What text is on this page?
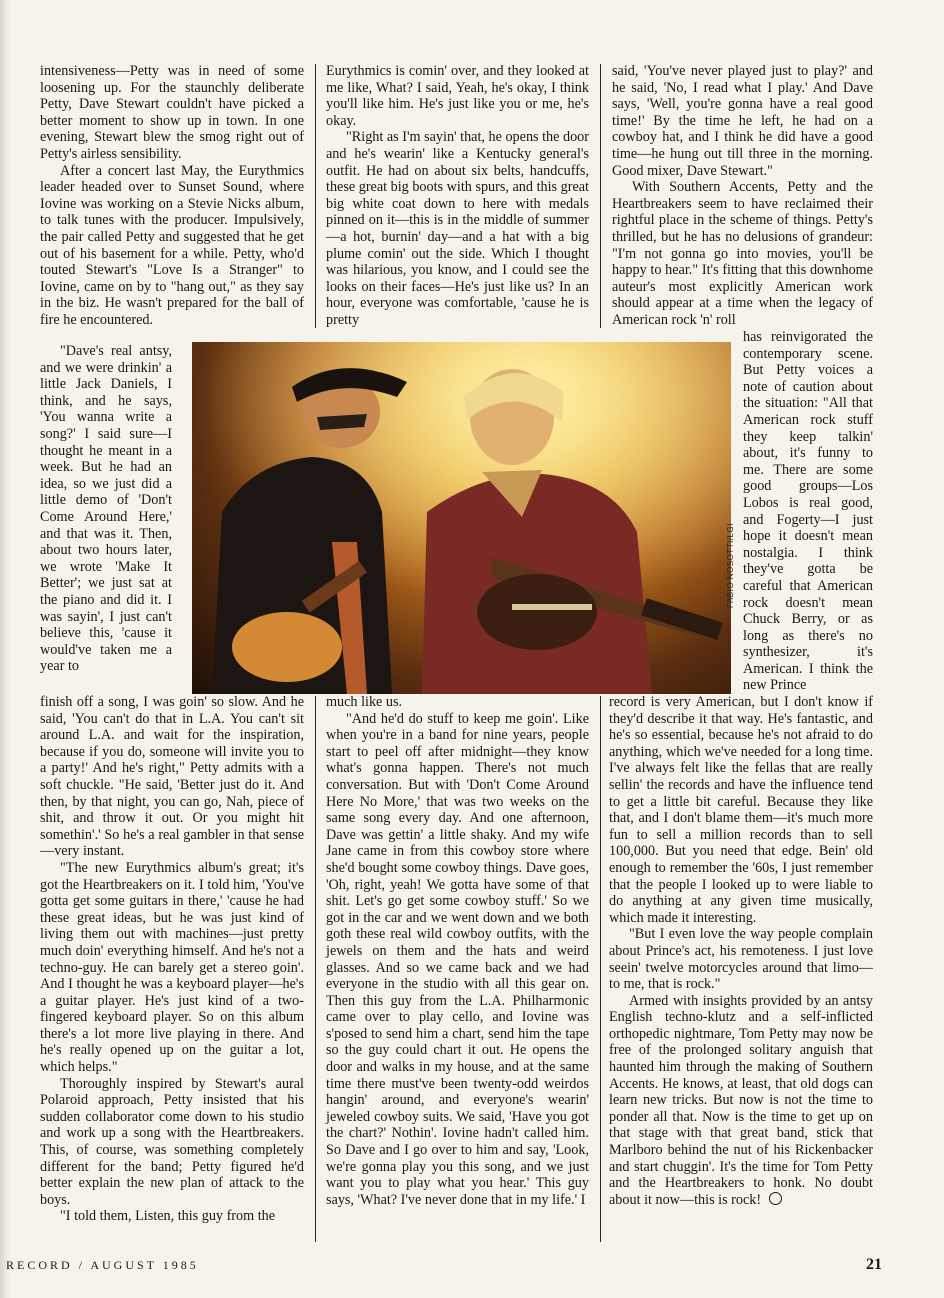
intensiveness—Petty was in need of some loosening up. For the staunchly deliberate Petty, Dave Stewart couldn't have picked a better moment to show up in town. In one evening, Stewart blew the smog right out of Petty's airless sensibility.

After a concert last May, the Eurythmics leader headed over to Sunset Sound, where Iovine was working on a Stevie Nicks album, to talk tunes with the producer. Impulsively, the pair called Petty and suggested that he get out of his basement for a while. Petty, who'd touted Stewart's "Love Is a Stranger" to Iovine, came on by to "hang out," as they say in the biz. He wasn't prepared for the ball of fire he encountered.

"Dave's real antsy, and we were drinkin' a little Jack Daniels, I think, and he says, 'You wanna write a song?' I said sure—I thought he meant in a week. But he had an idea, so we just did a little demo of 'Don't Come Around Here,' and that was it. Then, about two hours later, we wrote 'Make It Better'; we just sat at the piano and did it. I was sayin', I just can't believe this, 'cause it would've taken me a year to

finish off a song, I was goin' so slow. And he said, 'You can't do that in L.A. You can't sit around L.A. and wait for the inspiration, because if you do, someone will invite you to a party!' And he's right," Petty admits with a soft chuckle. "He said, 'Better just do it. And then, by that night, you can go, Nah, piece of shit, and throw it out. Or you might hit somethin'.' So he's a real gambler in that sense—very instant.

"The new Eurythmics album's great; it's got the Heartbreakers on it. I told him, 'You've gotta get some guitars in there,' 'cause he had these great ideas, but he was just kind of living them out with machines—just pretty much doin' everything himself. And he's not a techno-guy. He can barely get a stereo goin'. And I thought he was a keyboard player—he's a guitar player. He's just kind of a two-fingered keyboard player. So on this album there's a lot more live playing in there. And he's really opened up on the guitar a lot, which helps."

Thoroughly inspired by Stewart's aural Polaroid approach, Petty insisted that his sudden collaborator come down to his studio and work up a song with the Heartbreakers. This, of course, was something completely different for the band; Petty figured he'd better explain the new plan of attack to the boys.

"I told them, Listen, this guy from the

Eurythmics is comin' over, and they looked at me like, What? I said, Yeah, he's okay, I think you'll like him. He's just like you or me, he's okay.

"Right as I'm sayin' that, he opens the door and he's wearin' like a Kentucky general's outfit. He had on about six belts, handcuffs, these great big boots with spurs, and this great big white coat down to here with medals pinned on it—this is in the middle of summer—a hot, burnin' day—and a hat with a big plume comin' out the side. Which I thought was hilarious, you know, and I could see the looks on their faces—He's just like us? In an hour, everyone was comfortable, 'cause he is pretty

much like us.

"And he'd do stuff to keep me goin'. Like when you're in a band for nine years, people start to peel off after midnight—they know what's gonna happen. There's not much conversation. But with 'Don't Come Around Here No More,' that was two weeks on the same song every day. And one afternoon, Dave was gettin' a little shaky. And my wife Jane came in from this cowboy store where she'd bought some cowboy things. Dave goes, 'Oh, right, yeah! We gotta have some of that shit. Let's go get some cowboy stuff.' So we got in the car and we went down and we both goth these real wild cowboy outfits, with the jewels on them and the hats and weird glasses. And so we came back and we had everyone in the studio with all this gear on. Then this guy from the L.A. Philharmonic came over to play cello, and Iovine was s'posed to send him a chart, send him the tape so the guy could chart it out. He opens the door and walks in my house, and at the same time there must've been twenty-odd weirdos hangin' around, and everyone's wearin' jeweled cowboy suits. We said, 'Have you got the chart?' Nothin'. Iovine hadn't called him. So Dave and I go over to him and say, 'Look, we're gonna play you this song, and we just want you to play what you hear.' This guy says, 'What? I've never done that in my life.' I

said, 'You've never played just to play?' and he said, 'No, I read what I play.' And Dave says, 'Well, you're gonna have a real good time!' By the time he left, he had on a cowboy hat, and I think he did have a good time—he hung out till three in the morning. Good mixer, Dave Stewart."

With Southern Accents, Petty and the Heartbreakers seem to have reclaimed their rightful place in the scheme of things. Petty's thrilled, but he has no delusions of grandeur: "I'm not gonna go into movies, you'll be happy to hear." It's fitting that this downhome auteur's most explicitly American work should appear at a time when the legacy of American rock 'n' roll

has reinvigorated the contemporary scene. But Petty voices a note of caution about the situation: "All that American rock stuff they keep talkin' about, it's funny to me. There are some good groups—Los Lobos is real good, and Fogerty—I just hope it doesn't mean nostalgia. I think they've gotta be careful that American rock doesn't mean Chuck Berry, or as long as there's no synthesizer, it's American. I think the new Prince

record is very American, but I don't know if they'd describe it that way. He's fantastic, and he's so essential, because he's not afraid to do anything, which we've needed for a long time. I've always felt like the fellas that are really sellin' the records and have the influence tend to get a little bit careful. Because they like that, and I don't blame them—it's much more fun to sell a million records than to sell 100,000. But you need that edge. Bein' old enough to remember the '60s, I just remember that the people I looked up to were liable to do anything at any given time musically, which made it interesting.

"But I even love the way people complain about Prince's act, his remoteness. I just love seein' twelve motorcycles around that limo—to me, that is rock."

Armed with insights provided by an antsy English techno-klutz and a self-inflicted orthopedic nightmare, Tom Petty may now be free of the prolonged solitary anguish that haunted him through the making of Southern Accents. He knows, at least, that old dogs can learn new tricks. But now is not the time to ponder all that. Now is the time to get up on that stage with that great band, stick that Marlboro behind the nut of his Rickenbacker and start chuggin'. It's the time for Tom Petty and the Heartbreakers to honk. No doubt about it now—this is rock!

FABIO NOSOTTI/LGI
RECORD / AUGUST 1985	21
